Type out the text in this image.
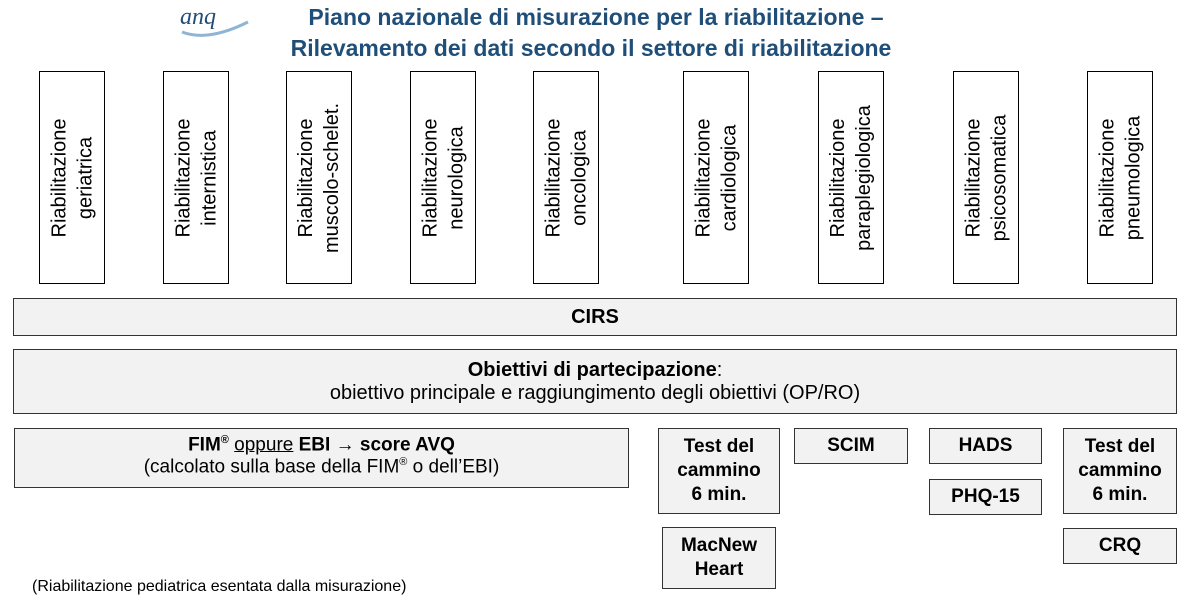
anq	Piano nazionale di misurazione per la riabilitazione –
Rilevamento dei dati secondo il settore di riabilitazione
Riabilitazione geriatrica	Riabilitazione internistica	Riabilitazione muscolo-schelet.	Riabilitazione neurologica	Riabilitazione oncologica	Riabilitazione cardiologica	Riabilitazione paraplegiologica	Riabilitazione psicosomatica	Riabilitazione pneumologica
CIRS
Obiettivi di partecipazione:
obiettivo principale e raggiungimento degli obiettivi (OP/RO)
FIM® oppure EBI → score AVQ
(calcolato sulla base della FIM® o dell’EBI)
Test del
cammino
6 min.
MacNew
Heart
SCIM	HADS
PHQ-15
Test del
cammino
6 min.
CRQ
(Riabilitazione pediatrica esentata dalla misurazione)
